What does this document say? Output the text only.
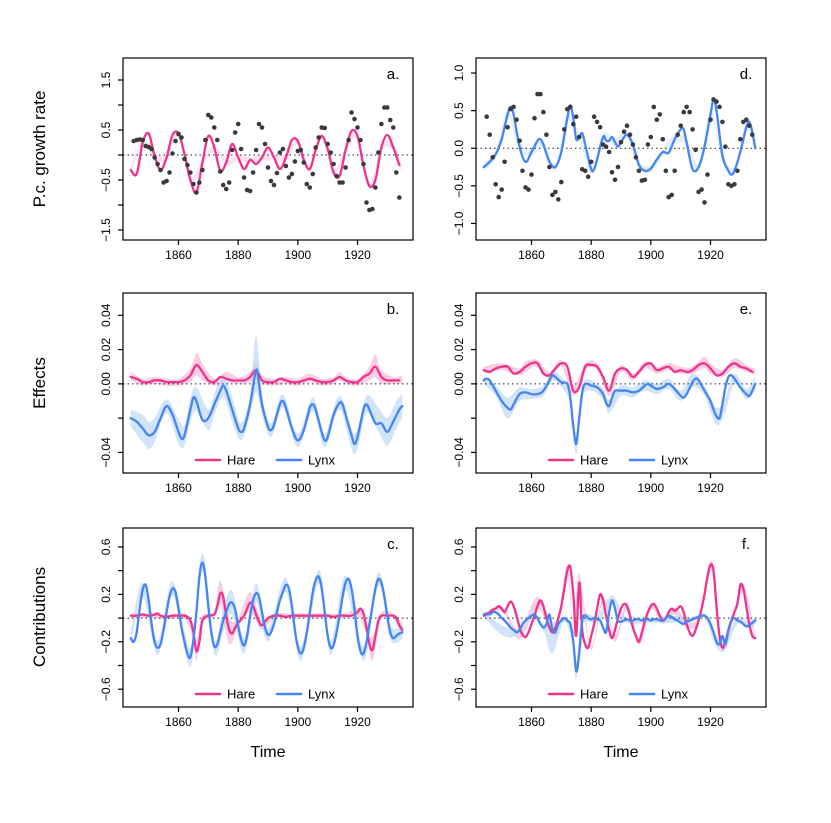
1860	1880	1900	1920
1.5
0.5
−0.5
−1.5
a.
1860	1880	1900	1920
1.0
0.5
0.0
−0.5
−1.0
d.
1860	1880	1900	1920
0.04
0.02
0.00
−0.04
b.
Hare	Lynx
1860	1880	1900	1920
0.04
0.02
0.00
−0.04
e.
Hare	Lynx
1860	1880	1900	1920
0.6
0.2
−0.2
−0.6
c.
Hare	Lynx
1860	1880	1900	1920
0.6
0.2
−0.2
−0.6
f.
Hare	Lynx
P.c. growth rate
Effects
Contributions
Time	Time
